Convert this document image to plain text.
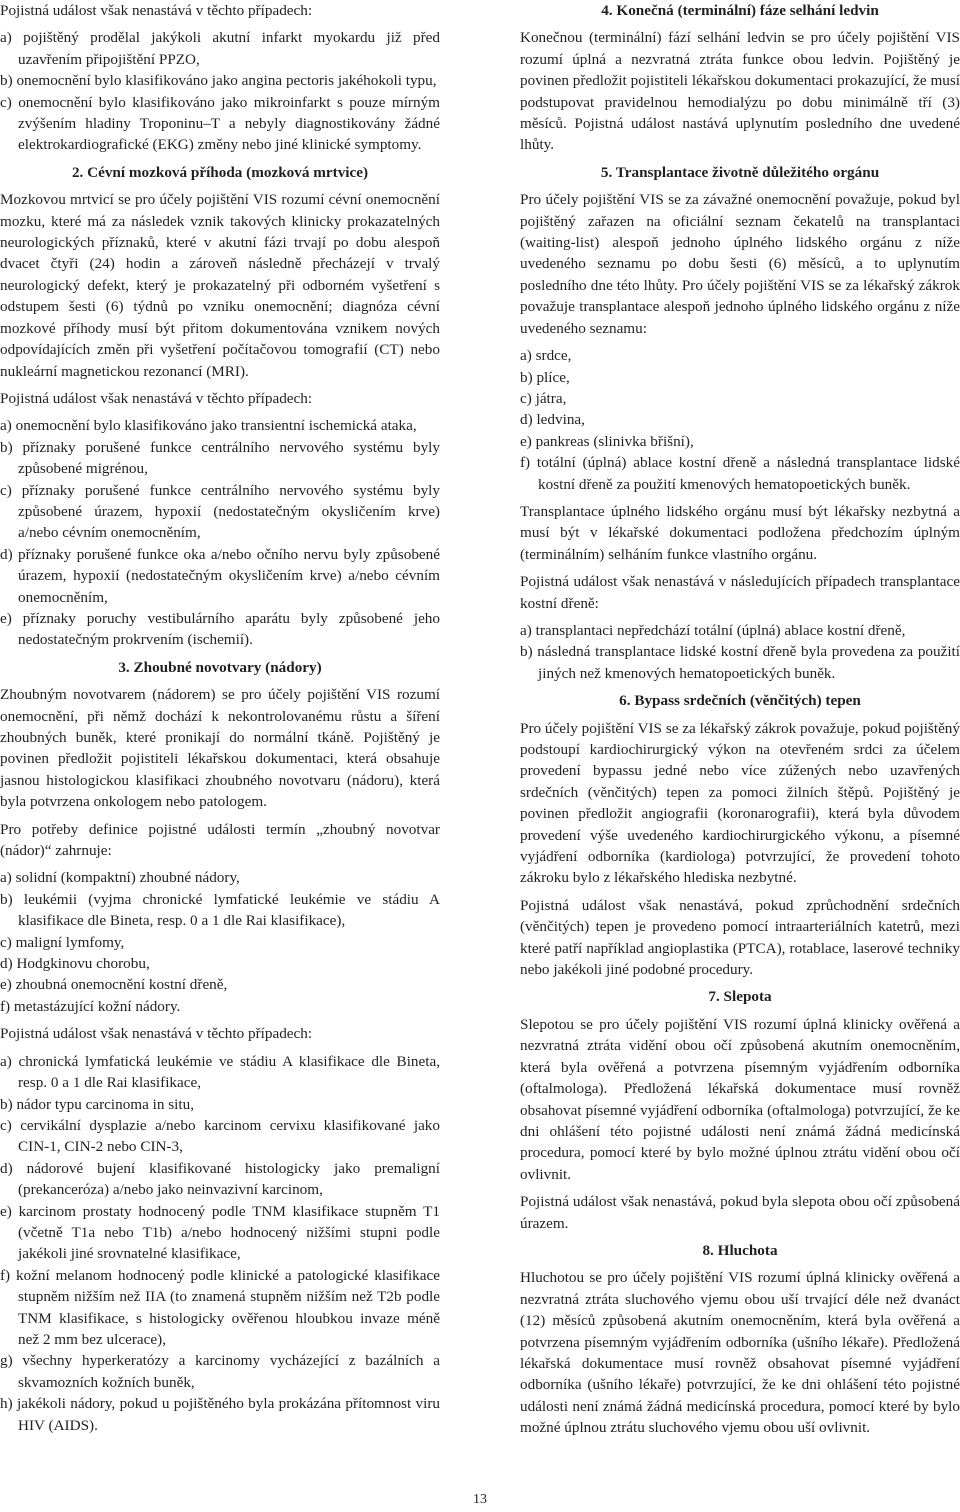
Pojistná událost však nenastává v těchto případech:

a) pojištěný prodělal jakýkoli akutní infarkt myokardu již před uzavřením připojištění PPZO,
b) onemocnění bylo klasifikováno jako angina pectoris jakéhokoli typu,
c) onemocnění bylo klasifikováno jako mikroinfarkt s pouze mírným zvýšením hladiny Troponinu–T a nebyly diagnostikovány žádné elektrokardiografické (EKG) změny nebo jiné klinické symptomy.
2. Cévní mozková příhoda (mozková mrtvice)

Mozkovou mrtvicí se pro účely pojištění VIS rozumí cévní onemocnění mozku, které má za následek vznik takových klinicky prokazatelných neurologických příznaků, které v akutní fázi trvají po dobu alespoň dvacet čtyři (24) hodin a zároveň následně přecházejí v trvalý neurologický defekt, který je prokazatelný při odborném vyšetření s odstupem šesti (6) týdnů po vzniku onemocnění; diagnóza cévní mozkové příhody musí být přitom dokumentována vznikem nových odpovídajících změn při vyšetření počítačovou tomografií (CT) nebo nukleární magnetickou rezonancí (MRI).

Pojistná událost však nenastává v těchto případech:

a) onemocnění bylo klasifikováno jako transientní ischemická ataka,
b) příznaky porušené funkce centrálního nervového systému byly způsobené migrénou,
c) příznaky porušené funkce centrálního nervového systému byly způsobené úrazem, hypoxií (nedostatečným okysličením krve) a/nebo cévním onemocněním,
d) příznaky porušené funkce oka a/nebo očního nervu byly způsobené úrazem, hypoxií (nedostatečným okysličením krve) a/nebo cévním onemocněním,
e) příznaky poruchy vestibulárního aparátu byly způsobené jeho nedostatečným prokrvením (ischemií).
3. Zhoubné novotvary (nádory)

Zhoubným novotvarem (nádorem) se pro účely pojištění VIS rozumí onemocnění, při němž dochází k nekontrolovanému růstu a šíření zhoubných buněk, které pronikají do normální tkáně. Pojištěný je povinen předložit pojistiteli lékařskou dokumentaci, která obsahuje jasnou histologickou klasifikaci zhoubného novotvaru (nádoru), která byla potvrzena onkologem nebo patologem.

Pro potřeby definice pojistné události termín „zhoubný novotvar (nádor)“ zahrnuje:

a) solidní (kompaktní) zhoubné nádory,
b) leukémii (vyjma chronické lymfatické leukémie ve stádiu A klasifikace dle Bineta, resp. 0 a 1 dle Rai klasifikace),
c) maligní lymfomy,
d) Hodgkinovu chorobu,
e) zhoubná onemocnění kostní dřeně,
f) metastázující kožní nádory.

Pojistná událost však nenastává v těchto případech:

a) chronická lymfatická leukémie ve stádiu A klasifikace dle Bineta, resp. 0 a 1 dle Rai klasifikace,
b) nádor typu carcinoma in situ,
c) cervikální dysplazie a/nebo karcinom cervixu klasifikované jako CIN-1, CIN-2 nebo CIN-3,
d) nádorové bujení klasifikované histologicky jako premaligní (prekanceróza) a/nebo jako neinvazivní karcinom,
e) karcinom prostaty hodnocený podle TNM klasifikace stupněm T1 (včetně T1a nebo T1b) a/nebo hodnocený nižšími stupni podle jakékoli jiné srovnatelné klasifikace,
f) kožní melanom hodnocený podle klinické a patologické klasifikace stupněm nižším než IIA (to znamená stupněm nižším než T2b podle TNM klasifikace, s histologicky ověřenou hloubkou invaze méně než 2 mm bez ulcerace),
g) všechny hyperkeratózy a karcinomy vycházející z bazálních a skvamozních kožních buněk,
h) jakékoli nádory, pokud u pojištěného byla prokázána přítomnost viru HIV (AIDS).
4. Konečná (terminální) fáze selhání ledvin

Konečnou (terminální) fází selhání ledvin se pro účely pojištění VIS rozumí úplná a nezvratná ztráta funkce obou ledvin. Pojištěný je povinen předložit pojistiteli lékařskou dokumentaci prokazující, že musí podstupovat pravidelnou hemodialýzu po dobu minimálně tří (3) měsíců. Pojistná událost nastává uplynutím posledního dne uvedené lhůty.

5. Transplantace životně důležitého orgánu

Pro účely pojištění VIS se za závažné onemocnění považuje, pokud byl pojištěný zařazen na oficiální seznam čekatelů na transplantaci (waiting-list) alespoň jednoho úplného lidského orgánu z níže uvedeného seznamu po dobu šesti (6) měsíců, a to uplynutím posledního dne této lhůty. Pro účely pojištění VIS se za lékařský zákrok považuje transplantace alespoň jednoho úplného lidského orgánu z níže uvedeného seznamu:

a) srdce,
b) plíce,
c) játra,
d) ledvina,
e) pankreas (slinivka břišní),
f) totální (úplná) ablace kostní dřeně a následná transplantace lidské kostní dřeně za použití kmenových hematopoetických buněk.

Transplantace úplného lidského orgánu musí být lékařsky nezbytná a musí být v lékařské dokumentaci podložena předchozím úplným (terminálním) selháním funkce vlastního orgánu.

Pojistná událost však nenastává v následujících případech transplantace kostní dřeně:

a) transplantaci nepředchází totální (úplná) ablace kostní dřeně,
b) následná transplantace lidské kostní dřeně byla provedena za použití jiných než kmenových hematopoetických buněk.
6. Bypass srdečních (věnčitých) tepen

Pro účely pojištění VIS se za lékařský zákrok považuje, pokud pojištěný podstoupí kardiochirurgický výkon na otevřeném srdci za účelem provedení bypassu jedné nebo více zúžených nebo uzavřených srdečních (věnčitých) tepen za pomoci žilních štěpů. Pojištěný je povinen předložit angiografii (koronarografii), která byla důvodem provedení výše uvedeného kardiochirurgického výkonu, a písemné vyjádření odborníka (kardiologa) potvrzující, že provedení tohoto zákroku bylo z lékařského hlediska nezbytné.

Pojistná událost však nenastává, pokud zprůchodnění srdečních (věnčitých) tepen je provedeno pomocí intraarteriálních katetrů, mezi které patří například angioplastika (PTCA), rotablace, laserové techniky nebo jakékoli jiné podobné procedury.

7. Slepota

Slepotou se pro účely pojištění VIS rozumí úplná klinicky ověřená a nezvratná ztráta vidění obou očí způsobená akutním onemocněním, která byla ověřená a potvrzena písemným vyjádřením odborníka (oftalmologa). Předložená lékařská dokumentace musí rovněž obsahovat písemné vyjádření odborníka (oftalmologa) potvrzující, že ke dni ohlášení této pojistné události není známá žádná medicínská procedura, pomocí které by bylo možné úplnou ztrátu vidění obou očí ovlivnit.

Pojistná událost však nenastává, pokud byla slepota obou očí způsobená úrazem.

8. Hluchota

Hluchotou se pro účely pojištění VIS rozumí úplná klinicky ověřená a nezvratná ztráta sluchového vjemu obou uší trvající déle než dvanáct (12) měsíců způsobená akutním onemocněním, která byla ověřená a potvrzena písemným vyjádřením odborníka (ušního lékaře). Předložená lékařská dokumentace musí rovněž obsahovat písemné vyjádření odborníka (ušního lékaře) potvrzující, že ke dni ohlášení této pojistné události není známá žádná medicínská procedura, pomocí které by bylo možné úplnou ztrátu sluchového vjemu obou uší ovlivnit.

13
